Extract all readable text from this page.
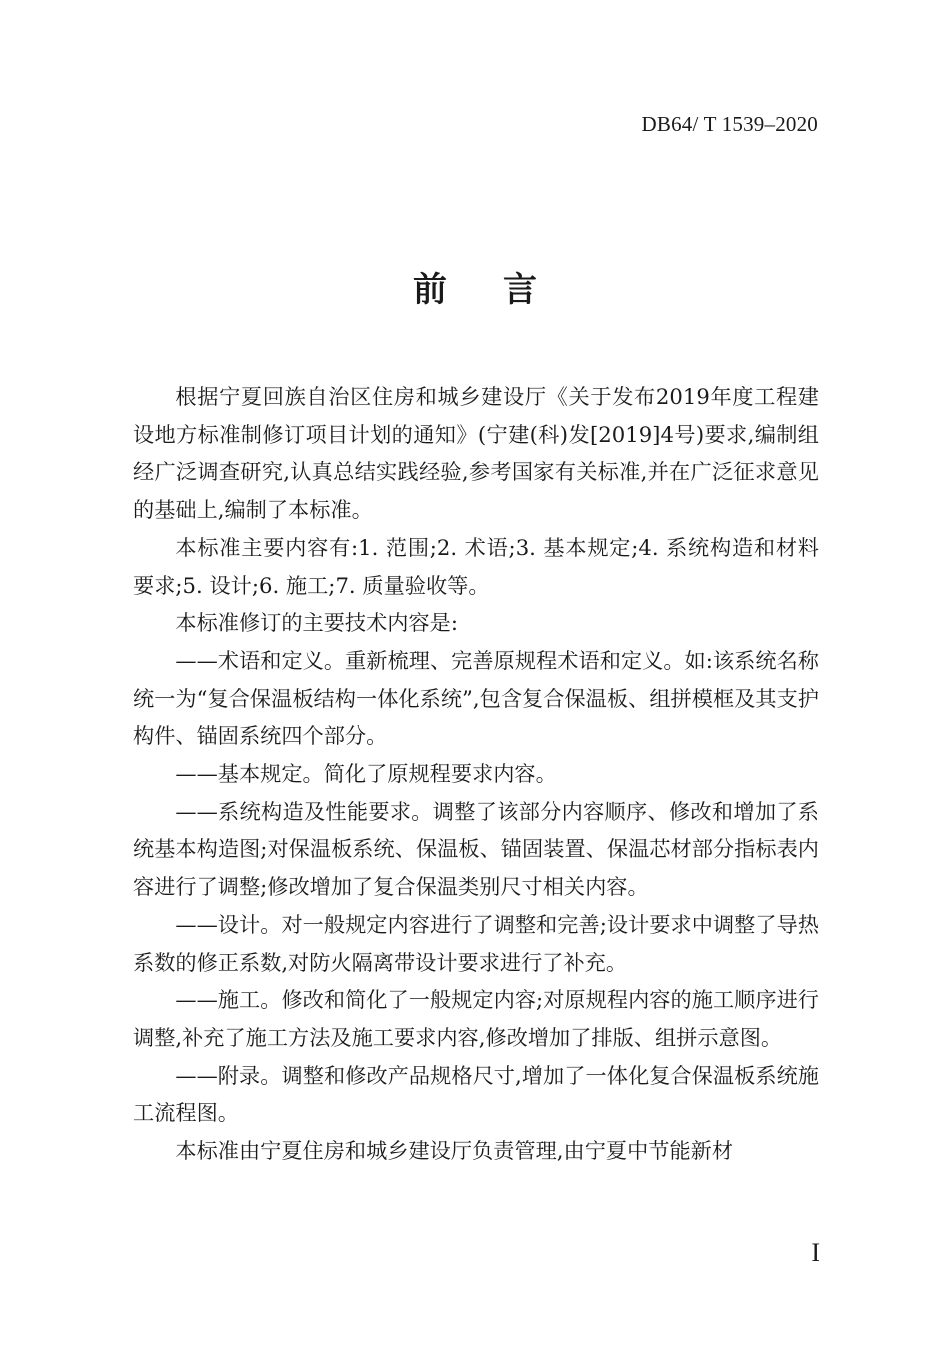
DB64/ T 1539–2020
前言

根据宁夏回族自治区住房和城乡建设厅《关于发布2019年度工程建设地方标准制修订项目计划的通知》(宁建(科)发[2019]4号)要求,编制组经广泛调查研究,认真总结实践经验,参考国家有关标准,并在广泛征求意见的基础上,编制了本标准。

本标准主要内容有:1. 范围;2. 术语;3. 基本规定;4. 系统构造和材料要求;5. 设计;6. 施工;7. 质量验收等。

本标准修订的主要技术内容是:

——术语和定义。重新梳理、完善原规程术语和定义。如:该系统名称统一为“复合保温板结构一体化系统”,包含复合保温板、组拼模框及其支护构件、锚固系统四个部分。

——基本规定。简化了原规程要求内容。

——系统构造及性能要求。调整了该部分内容顺序、修改和增加了系统基本构造图;对保温板系统、保温板、锚固装置、保温芯材部分指标表内容进行了调整;修改增加了复合保温类别尺寸相关内容。

——设计。对一般规定内容进行了调整和完善;设计要求中调整了导热系数的修正系数,对防火隔离带设计要求进行了补充。

——施工。修改和简化了一般规定内容;对原规程内容的施工顺序进行调整,补充了施工方法及施工要求内容,修改增加了排版、组拼示意图。

——附录。调整和修改产品规格尺寸,增加了一体化复合保温板系统施工流程图。

本标准由宁夏住房和城乡建设厅负责管理,由宁夏中节能新材

I
